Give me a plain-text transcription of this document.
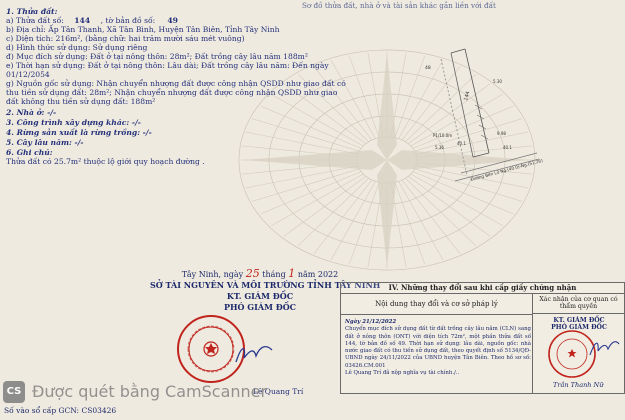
Sơ đồ thửa đất, nhà ở và tài sản khác gắn liền với đất
1. Thửa đất:
a) Thửa đất số: 144 , tờ bản đồ số: 49
b) Địa chỉ: Ấp Tân Thanh, Xã Tân Bình, Huyện Tân Biên, Tỉnh Tây Ninh
c) Diện tích: 216m², (bằng chữ: hai trăm mười sáu mét vuông)
d) Hình thức sử dụng: Sử dụng riêng
đ) Mục đích sử dụng: Đất ở tại nông thôn: 28m²; Đất trồng cây lâu năm 188m²
e) Thời hạn sử dụng: Đất ở tại nông thôn: Lâu dài; Đất trồng cây lâu năm: Đến ngày
01/12/2054
g) Nguồn gốc sử dụng: Nhận chuyển nhượng đất được công nhận QSDD như giao đất có
thu tiền sử dụng đất: 28m²; Nhận chuyển nhượng đất được công nhận QSDD như giao
đất không thu tiền sử dụng đất: 188m²
2. Nhà ở: -/-
3. Công trình xây dựng khác: -/-
4. Rừng sản xuất là rừng trồng: -/-
5. Cây lâu năm: -/-
6. Ghi chú:
Thửa đất có 25.7m² thuộc lộ giới quy hoạch đường .
144
48
5.30
5.36
40.1
9.98
P1/10.0m
40.1
Đường Bến Lữ Ng.(40.0)-Ng.(51.26)
Tây Ninh, ngày 25 tháng 1 năm 2022
SỞ TÀI NGUYÊN VÀ MÔI TRƯỜNG TỈNH TÂY NINH
KT. GIÁM ĐỐC
PHÓ GIÁM ĐỐC
Lê Quang Trí
IV. Những thay đổi sau khi cấp giấy chứng nhận
Nội dung thay đổi và cơ sở pháp lý
Xác nhận của cơ quan có thẩm quyền
Ngày 21/12/2022
Chuyển mục đích sử dụng đất từ đất trồng cây lâu năm (CLN) sang đất ở nông thôn (ONT) với diện tích 72m², một phần thửa đất số 144, tờ bản đồ số 49. Thời hạn sử dụng: lâu dài, nguồn gốc: nhà nước giao đất có thu tiền sử dụng đất, theo quyết định số 5134/QĐ-UBND ngày 24/11/2022 của UBND huyện Tân Biên. Theo hồ sơ số: 03426.CM.001
Lê Quang Trí đã nộp nghĩa vụ tài chính./..
KT. GIÁM ĐỐC
PHÓ GIÁM ĐỐC
Trần Thanh Nữ
CS Được quét bằng CamScanner
Số vào sổ cấp GCN: CS03426
